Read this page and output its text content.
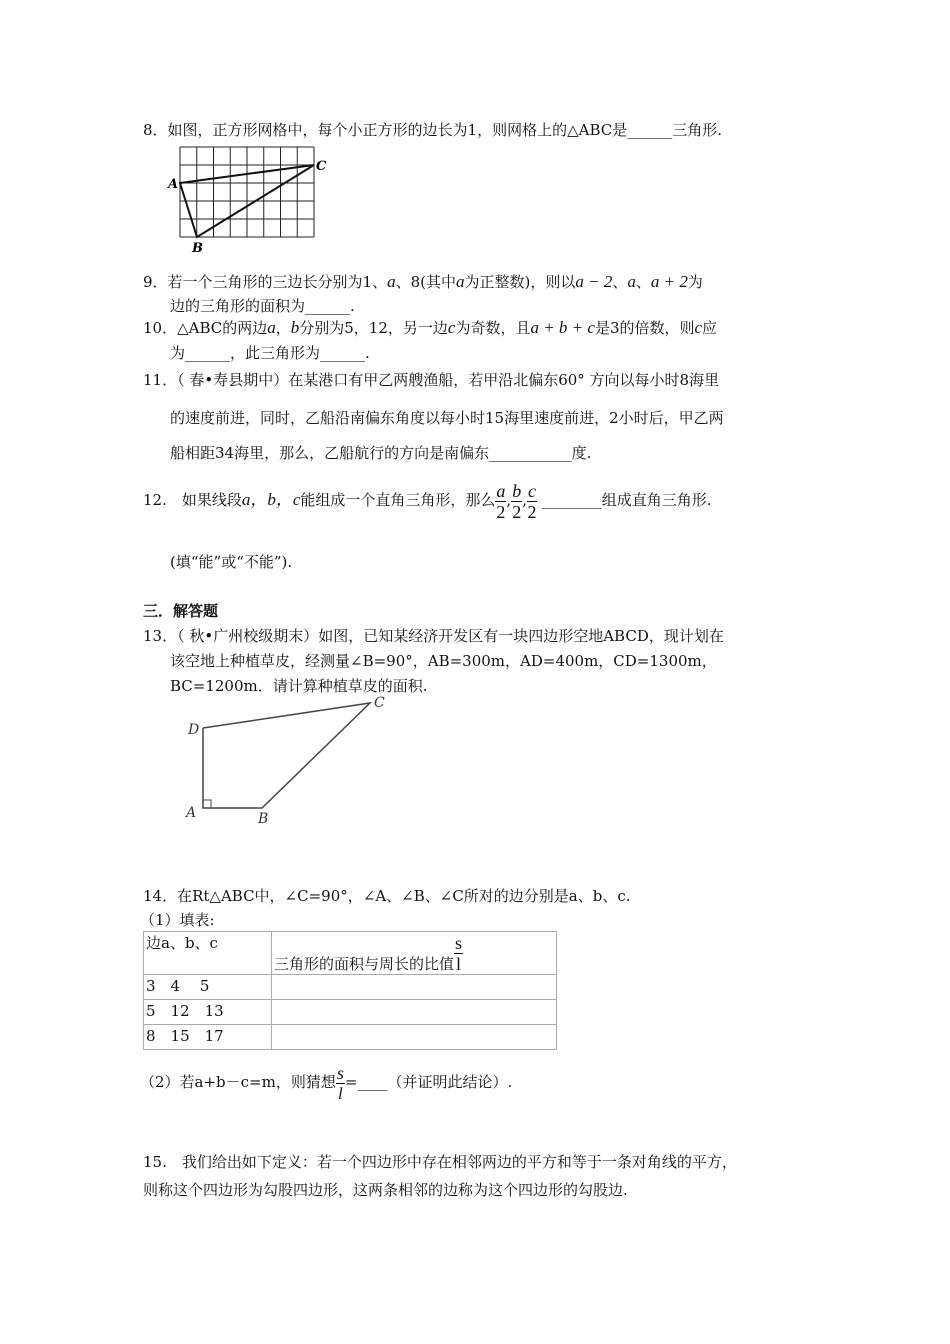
8．如图，正方形网格中，每个小正方形的边长为1，则网格上的△ABC是______三角形.
A
C
B
9．若一个三角形的三边长分别为1、a、8(其中a为正整数)，则以a − 2、a、a + 2为
边的三角形的面积为______.
10．△ABC的两边a，b分别为5，12，另一边c为奇数，且a + b + c是3的倍数，则c应
为______，此三角形为______.
11．（ 春•寿县期中）在某港口有甲乙两艘渔船，若甲沿北偏东60° 方向以每小时8海里
的速度前进，同时，乙船沿南偏东角度以每小时15海里速度前进，2小时后，甲乙两
船相距34海里，那么，乙船航行的方向是南偏东___________度.
12.　如果线段a，b，c能组成一个直角三角形，那么 $\frac{a}{2}$ , $\frac{b}{2}$ , $\frac{c}{2}$ ________组成直角三角形.
(填“能”或“不能”).
三．解答题
13．（ 秋•广州校级期末）如图，已知某经济开发区有一块四边形空地ABCD，现计划在
该空地上种植草皮，经测量∠B=90°，AB=300m，AD=400m，CD=1300m，
BC=1200m．请计算种植草皮的面积.
D
C
A	B
14．在Rt△ABC中，∠C=90°，∠A、∠B、∠C所对的边分别是a、b、c.
（1）填表:
边a、b、c	三角形的面积与周长的比值 $\frac{s}{l}$

3　4　 5	
5　12　13	
8　15　17	
（2）若a+b－c=m，则猜想 $\frac{s}{l}$ =____（并证明此结论）.
15.　我们给出如下定义：若一个四边形中存在相邻两边的平方和等于一条对角线的平方，
则称这个四边形为勾股四边形，这两条相邻的边称为这个四边形的勾股边.
